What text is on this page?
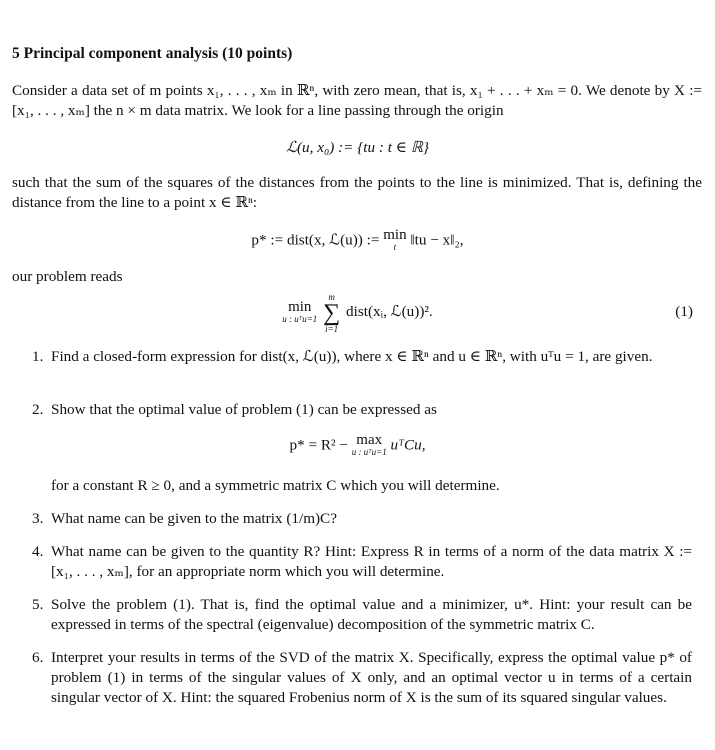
5 Principal component analysis (10 points)
Consider a data set of m points x₁, . . . , xₘ in ℝⁿ, with zero mean, that is, x₁ + . . . + xₘ = 0. We denote by X := [x₁, . . . , xₘ] the n × m data matrix. We look for a line passing through the origin
ℒ(u, x₀) := {tu : t ∈ ℝ}
such that the sum of the squares of the distances from the points to the line is minimized. That is, defining the distance from the line to a point x ∈ ℝⁿ:
p* := dist(x, ℒ(u)) := min
t ‖tu − x‖₂,
our problem reads
min
u : uᵀu=1

m
∑
i=1
dist(xᵢ, ℒ(u))².	(1)
1. Find a closed-form expression for dist(x, ℒ(u)), where x ∈ ℝⁿ and u ∈ ℝⁿ, with uᵀu = 1, are given.
2. Show that the optimal value of problem (1) can be expressed as
p* = R² − max
u : uᵀu=1 uᵀCu,
for a constant R ≥ 0, and a symmetric matrix C which you will determine.
3. What name can be given to the matrix (1/m)C?
4. What name can be given to the quantity R? Hint: Express R in terms of a norm of the data matrix X := [x₁, . . . , xₘ], for an appropriate norm which you will determine.
5. Solve the problem (1). That is, find the optimal value and a minimizer, u*. Hint: your result can be expressed in terms of the spectral (eigenvalue) decomposition of the symmetric matrix C.
6. Interpret your results in terms of the SVD of the matrix X. Specifically, express the optimal value p* of problem (1) in terms of the singular values of X only, and an optimal vector u in terms of a certain singular vector of X. Hint: the squared Frobenius norm of X is the sum of its squared singular values.
